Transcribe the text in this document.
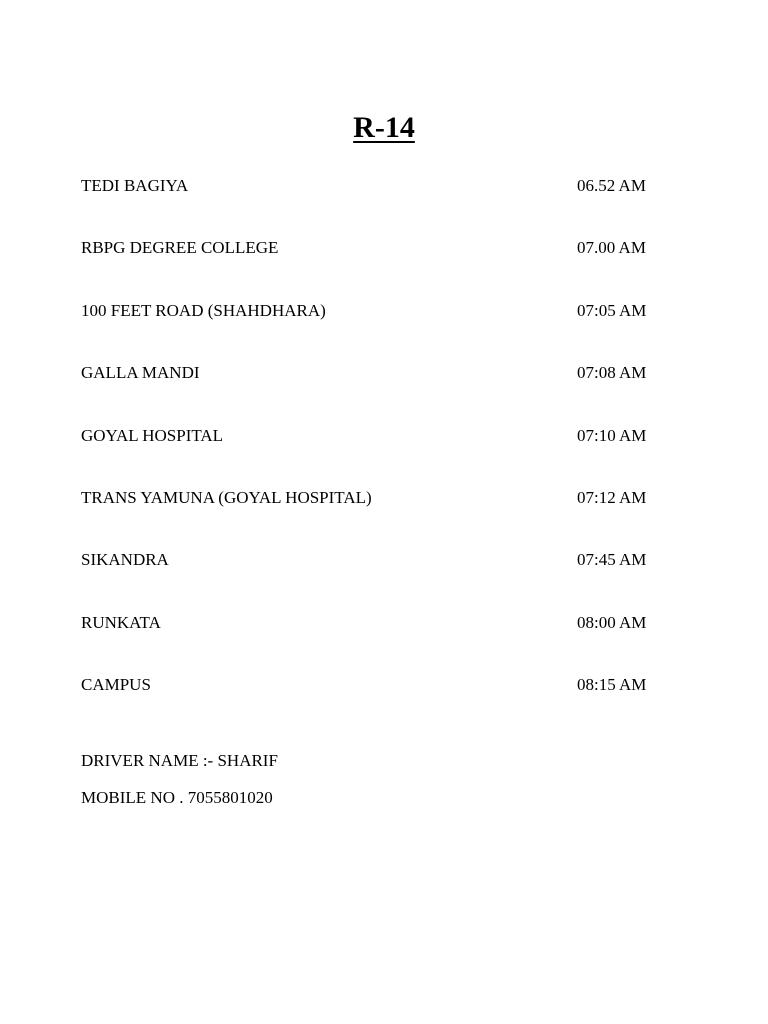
R-14
TEDI BAGIYA	06.52 AM
RBPG DEGREE COLLEGE	07.00 AM
100 FEET ROAD (SHAHDHARA)	07:05 AM
GALLA MANDI	07:08 AM
GOYAL HOSPITAL	07:10 AM
TRANS YAMUNA (GOYAL HOSPITAL)	07:12 AM
SIKANDRA	07:45 AM
RUNKATA	08:00 AM
CAMPUS	08:15 AM
DRIVER NAME :- SHARIF
MOBILE NO . 7055801020
